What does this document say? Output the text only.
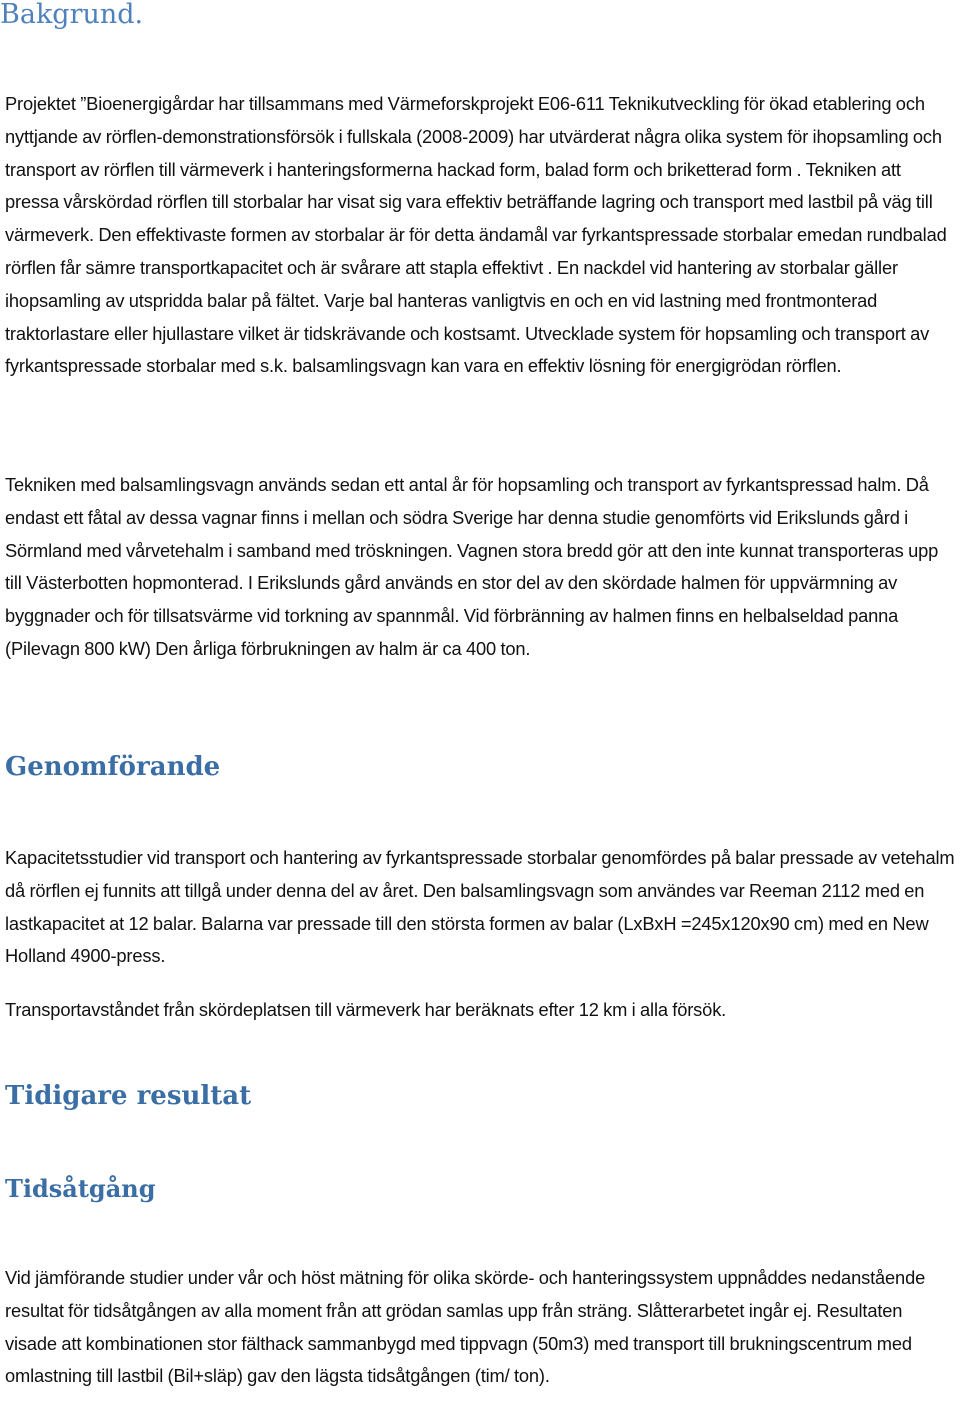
Bakgrund.

Projektet ”Bioenergigårdar har tillsammans med Värmeforskprojekt E06-611 Teknikutveckling för ökad etablering och nyttjande av rörflen-demonstrationsförsök i fullskala (2008-2009) har utvärderat några olika system för ihopsamling och transport av rörflen till värmeverk i hanteringsformerna hackad form, balad form och briketterad form . Tekniken att pressa vårskördad rörflen till storbalar har visat sig vara effektiv beträffande lagring och transport med lastbil på väg till värmeverk. Den effektivaste formen av storbalar är för detta ändamål var fyrkantspressade storbalar emedan rundbalad rörflen får sämre transportkapacitet och är svårare att stapla effektivt . En nackdel vid hantering av storbalar gäller ihopsamling av utspridda balar på fältet. Varje bal hanteras vanligtvis en och en vid lastning med frontmonterad traktorlastare eller hjullastare vilket är tidskrävande och kostsamt. Utvecklade system för hopsamling och transport av fyrkantspressade storbalar med s.k. balsamlingsvagn kan vara en effektiv lösning för energigrödan rörflen.

Tekniken med balsamlingsvagn används sedan ett antal år för hopsamling och transport av fyrkantspressad halm. Då endast ett fåtal av dessa vagnar finns i mellan och södra Sverige har denna studie genomförts vid Erikslunds gård i Sörmland med vårvetehalm i samband med tröskningen. Vagnen stora bredd gör att den inte kunnat transporteras upp till Västerbotten hopmonterad. I Erikslunds gård används en stor del av den skördade halmen för uppvärmning av byggnader och för tillsatsvärme vid torkning av spannmål. Vid förbränning av halmen finns en helbalseldad panna (Pilevagn 800 kW) Den årliga förbrukningen av halm är ca 400 ton.

Genomförande

Kapacitetsstudier vid transport och hantering av fyrkantspressade storbalar genomfördes på balar pressade av vetehalm då rörflen ej funnits att tillgå under denna del av året. Den balsamlingsvagn som användes var Reeman 2112 med en lastkapacitet at 12 balar. Balarna var pressade till den största formen av balar (LxBxH =245x120x90 cm) med en New Holland 4900-press.

Transportavståndet från skördeplatsen till värmeverk har beräknats efter 12 km i alla försök.

Tidigare resultat
Tidsåtgång

Vid jämförande studier under vår och höst mätning för olika skörde- och hanteringssystem uppnåddes nedanstående resultat för tidsåtgången av alla moment från att grödan samlas upp från sträng. Slåtterarbetet ingår ej. Resultaten visade att kombinationen stor fälthack sammanbygd med tippvagn (50m3) med transport till brukningscentrum med omlastning till lastbil (Bil+släp) gav den lägsta tidsåtgången (tim/ ton).
